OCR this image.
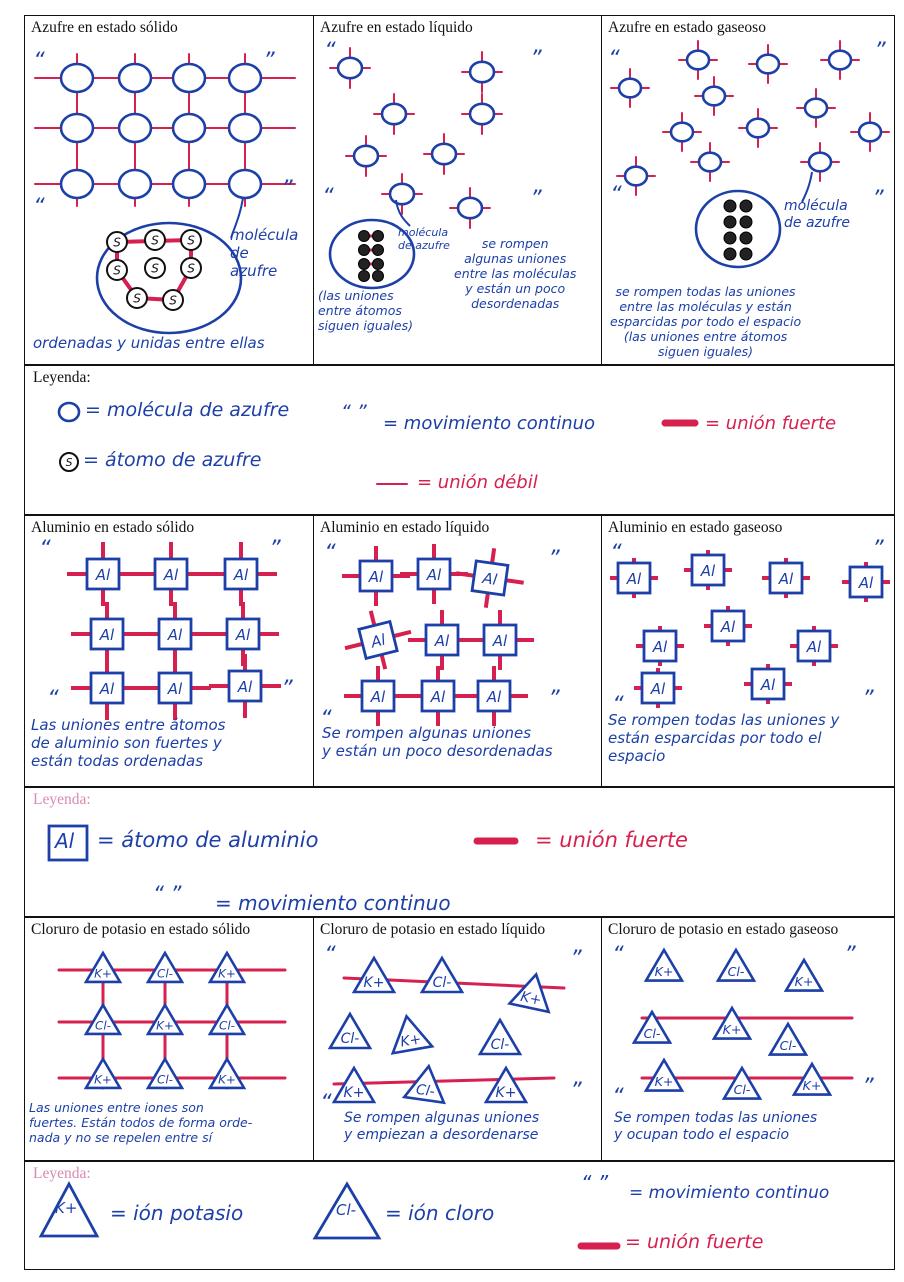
Azufre en estado sólido
“	”
“
”
S	S S
S	S S
S S
molécula
de
azufre
ordenadas y unidas entre ellas
Azufre en estado líquido
“	”
“	”
molécula
de azufre
(las uniones
entre átomos
siguen iguales)
se rompen
algunas uniones
entre las moléculas
y están un poco
desordenadas
Azufre en estado gaseoso
“	”
“	”
molécula
de azufre
se rompen todas las uniones
entre las moléculas y están
esparcidas por todo el espacio
(las uniones entre átomos
siguen iguales)
Leyenda:
S
= molécula de azufre
= átomo de azufre
“ ”
= movimiento continuo	= unión fuerte
= unión débil
Aluminio en estado sólido
Al	Al	Al
Al	Al	Al
Al	Al	Al
“	”
“	”
Las uniones entre átomos
de aluminio son fuertes y
están todas ordenadas
Aluminio en estado líquido
Al	Al	Al
Al	Al	Al
Al	Al	Al
“	”
“
”
Se rompen algunas uniones
y están un poco desordenadas
Aluminio en estado gaseoso
Al	Al	Al	Al
Al
Al	Al
Al	Al
“	”
“	”
Se rompen todas las uniones y
están esparcidas por todo el
espacio
Leyenda:
Al = átomo de aluminio	= unión fuerte
“ ” = movimiento continuo
Cloruro de potasio en estado sólido
K+	Cl-	K+
Cl-	K+	Cl-
K+	Cl-	K+
Las uniones entre iones son
fuertes. Están todos de forma orde-
nada y no se repelen entre sí
Cloruro de potasio en estado líquido
K+	Cl-
K+
Cl-	K+	Cl-
K+	Cl-	K+
“	”
“	”
Se rompen algunas uniones
y empiezan a desordenarse
Cloruro de potasio en estado gaseoso
K+	Cl-
K+
Cl-	K+
Cl-
K+
Cl-	K+
“	”
“	”
Se rompen todas las uniones
y ocupan todo el espacio
Leyenda:
K+ = ión potasio	Cl- = ión cloro
“ ” = movimiento continuo
= unión fuerte
